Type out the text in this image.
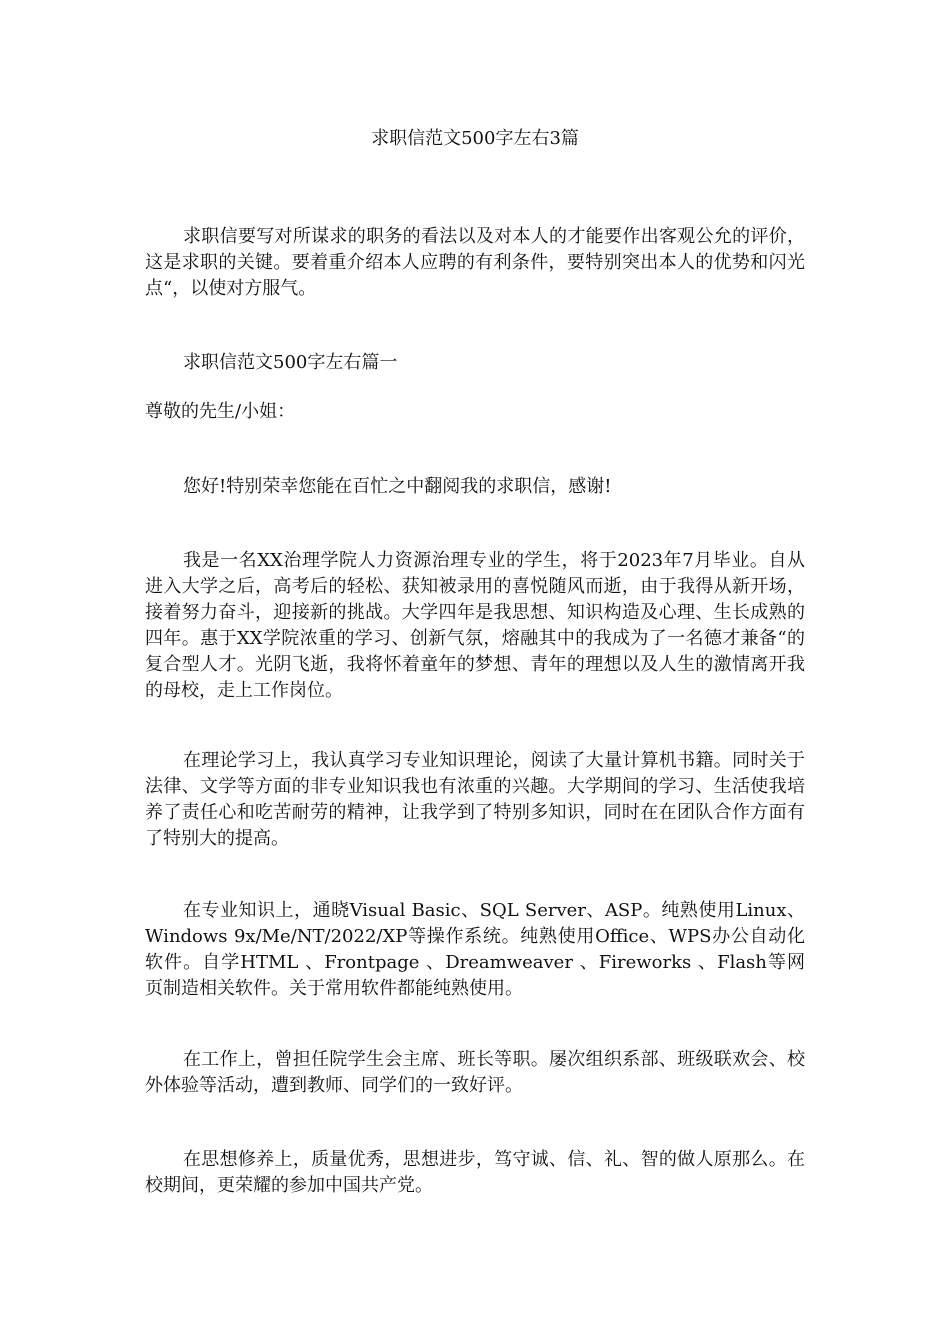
求职信范文500字左右3篇
求职信要写对所谋求的职务的看法以及对本人的才能要作出客观公允的评价，这是求职的关键。要着重介绍本人应聘的有利条件，要特别突出本人的优势和闪光点“，以使对方服气。
求职信范文500字左右篇一
尊敬的先生/小姐：
您好!特别荣幸您能在百忙之中翻阅我的求职信，感谢!
我是一名XX治理学院人力资源治理专业的学生，将于2023年7月毕业。自从进入大学之后，高考后的轻松、获知被录用的喜悦随风而逝，由于我得从新开场，接着努力奋斗，迎接新的挑战。大学四年是我思想、知识构造及心理、生长成熟的四年。惠于XX学院浓重的学习、创新气氛，熔融其中的我成为了一名德才兼备“的复合型人才。光阴飞逝，我将怀着童年的梦想、青年的理想以及人生的激情离开我的母校，走上工作岗位。
在理论学习上，我认真学习专业知识理论，阅读了大量计算机书籍。同时关于法律、文学等方面的非专业知识我也有浓重的兴趣。大学期间的学习、生活使我培养了责任心和吃苦耐劳的精神，让我学到了特别多知识，同时在在团队合作方面有了特别大的提高。
在专业知识上，通晓Visual Basic、SQL Server、ASP。纯熟使用Linux、Windows 9x/Me/NT/2022/XP等操作系统。纯熟使用Office、WPS办公自动化软件。自学HTML 、Frontpage 、Dreamweaver 、Fireworks 、Flash等网页制造相关软件。关于常用软件都能纯熟使用。
在工作上，曾担任院学生会主席、班长等职。屡次组织系部、班级联欢会、校外体验等活动，遭到教师、同学们的一致好评。
在思想修养上，质量优秀，思想进步，笃守诚、信、礼、智的做人原那么。在校期间，更荣耀的参加中国共产党。
